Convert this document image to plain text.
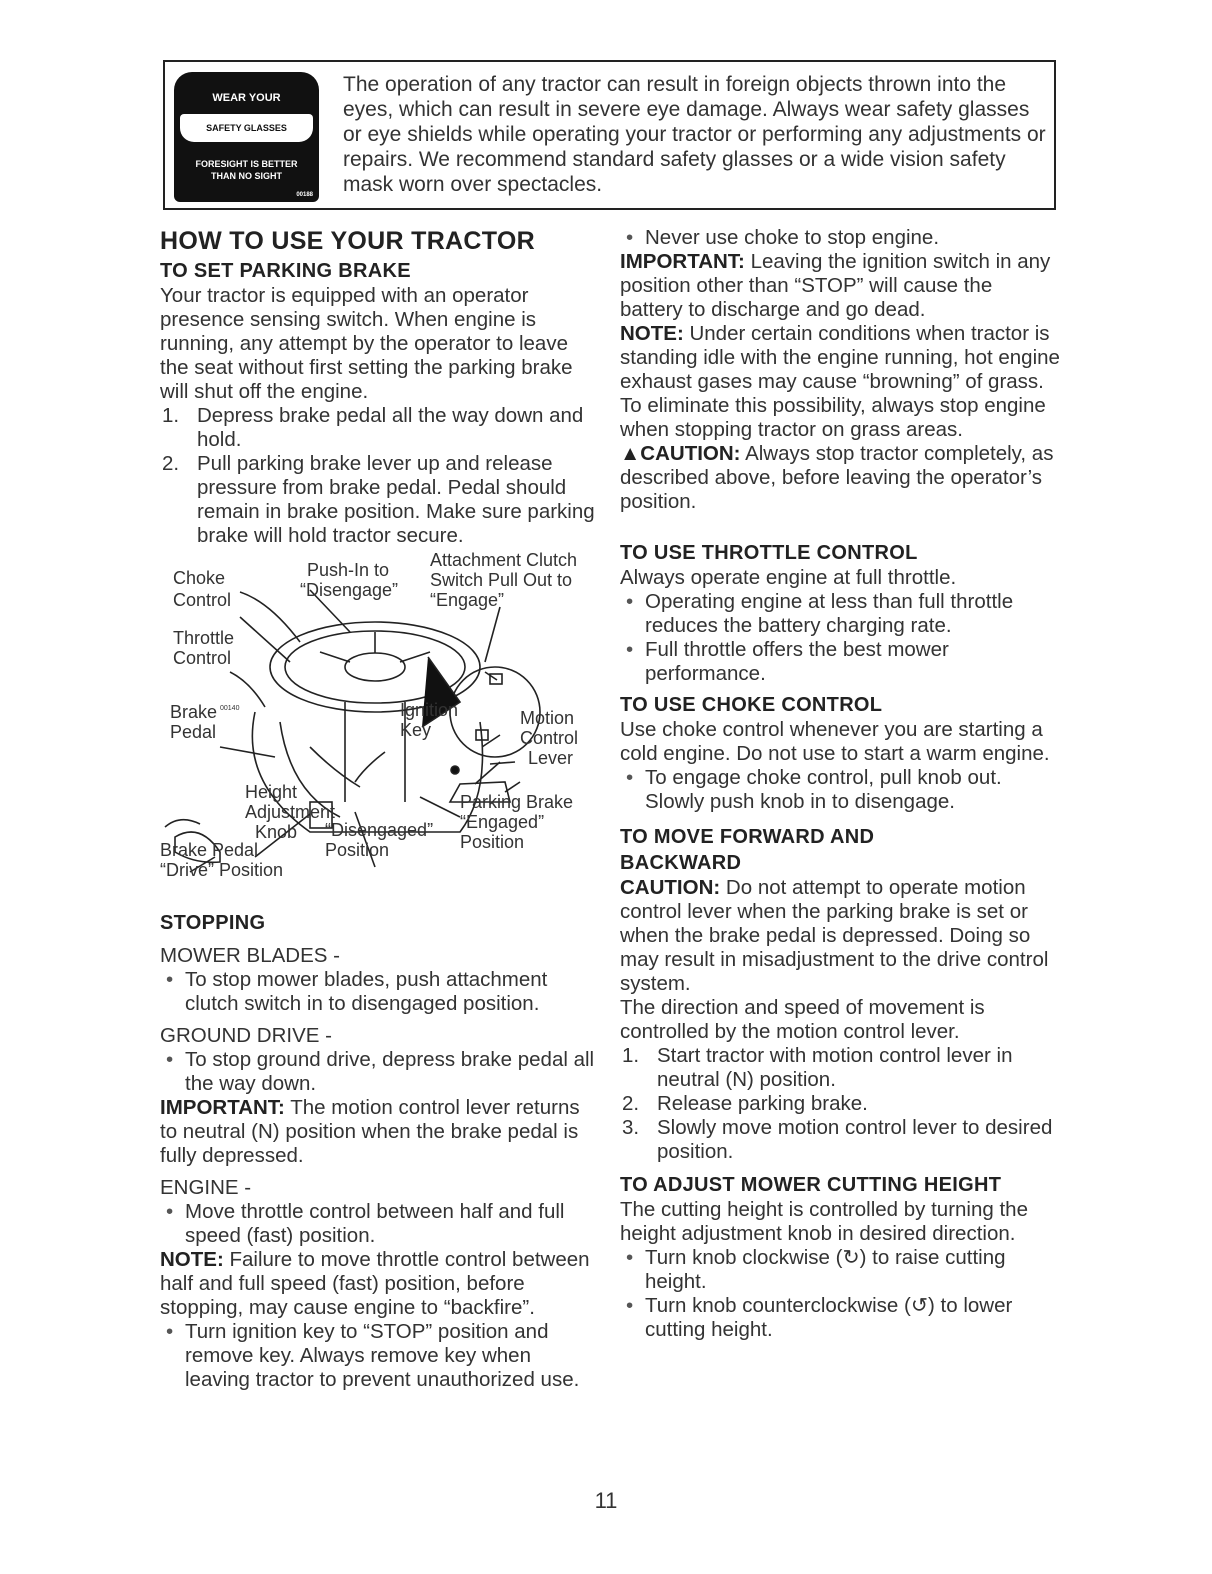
WEAR YOUR
SAFETY GLASSES
FORESIGHT IS BETTER
THAN NO SIGHT
00188
The operation of any tractor can result in foreign objects thrown into the eyes, which can result in severe eye damage. Always wear safety glasses or eye shields while operating your tractor or performing any adjustments or repairs. We recommend standard safety glasses or a wide vision safety mask worn over spectacles.
HOW TO USE YOUR TRACTOR
TO SET PARKING BRAKE

Your tractor is equipped with an operator presence sensing switch. When engine is running, any attempt by the operator to leave the seat without first setting the parking brake will shut off the engine.

1. Depress brake pedal all the way down and hold.
2. Pull parking brake lever up and release pressure from brake pedal. Pedal should remain in brake position. Make sure parking brake will hold tractor secure.
Choke
Control
Push-In to
“Disengage”
Attachment Clutch
Switch Pull Out to
“Engage”
Throttle
Control
Brake 00140
Pedal
Ignition
Key
Motion
Control
Lever
Height
Adjustment
Knob “Disengaged”
Position
Parking Brake
“Engaged”
Position
Brake Pedal
“Drive” Position
STOPPING

MOWER BLADES -

• To stop mower blades, push attachment clutch switch in to disengaged position.

GROUND DRIVE -

• To stop ground drive, depress brake pedal all the way down.

IMPORTANT: The motion control lever returns to neutral (N) position when the brake pedal is fully depressed.

ENGINE -

• Move throttle control between half and full speed (fast) position.

NOTE: Failure to move throttle control between half and full speed (fast) position, before stopping, may cause engine to “backfire”.

• Turn ignition key to “STOP” position and remove key. Always remove key when leaving tractor to prevent unauthorized use.
• Never use choke to stop engine.

IMPORTANT: Leaving the ignition switch in any position other than “STOP” will cause the battery to discharge and go dead.

NOTE: Under certain conditions when tractor is standing idle with the engine running, hot engine exhaust gases may cause “browning” of grass. To eliminate this possibility, always stop engine when stopping tractor on grass areas.

▲CAUTION: Always stop tractor completely, as described above, before leaving the operator’s position.

TO USE THROTTLE CONTROL

Always operate engine at full throttle.

• Operating engine at less than full throttle reduces the battery charging rate.
• Full throttle offers the best mower performance.
TO USE CHOKE CONTROL

Use choke control whenever you are starting a cold engine. Do not use to start a warm engine.

• To engage choke control, pull knob out. Slowly push knob in to disengage.
TO MOVE FORWARD AND
BACKWARD

CAUTION: Do not attempt to operate motion control lever when the parking brake is set or when the brake pedal is depressed. Doing so may result in misadjustment to the drive control system.

The direction and speed of movement is controlled by the motion control lever.

1. Start tractor with motion control lever in neutral (N) position.
2. Release parking brake.
3. Slowly move motion control lever to desired position.
TO ADJUST MOWER CUTTING HEIGHT

The cutting height is controlled by turning the height adjustment knob in desired direction.

• Turn knob clockwise (↻) to raise cutting height.
• Turn knob counterclockwise (↺) to lower cutting height.
11
